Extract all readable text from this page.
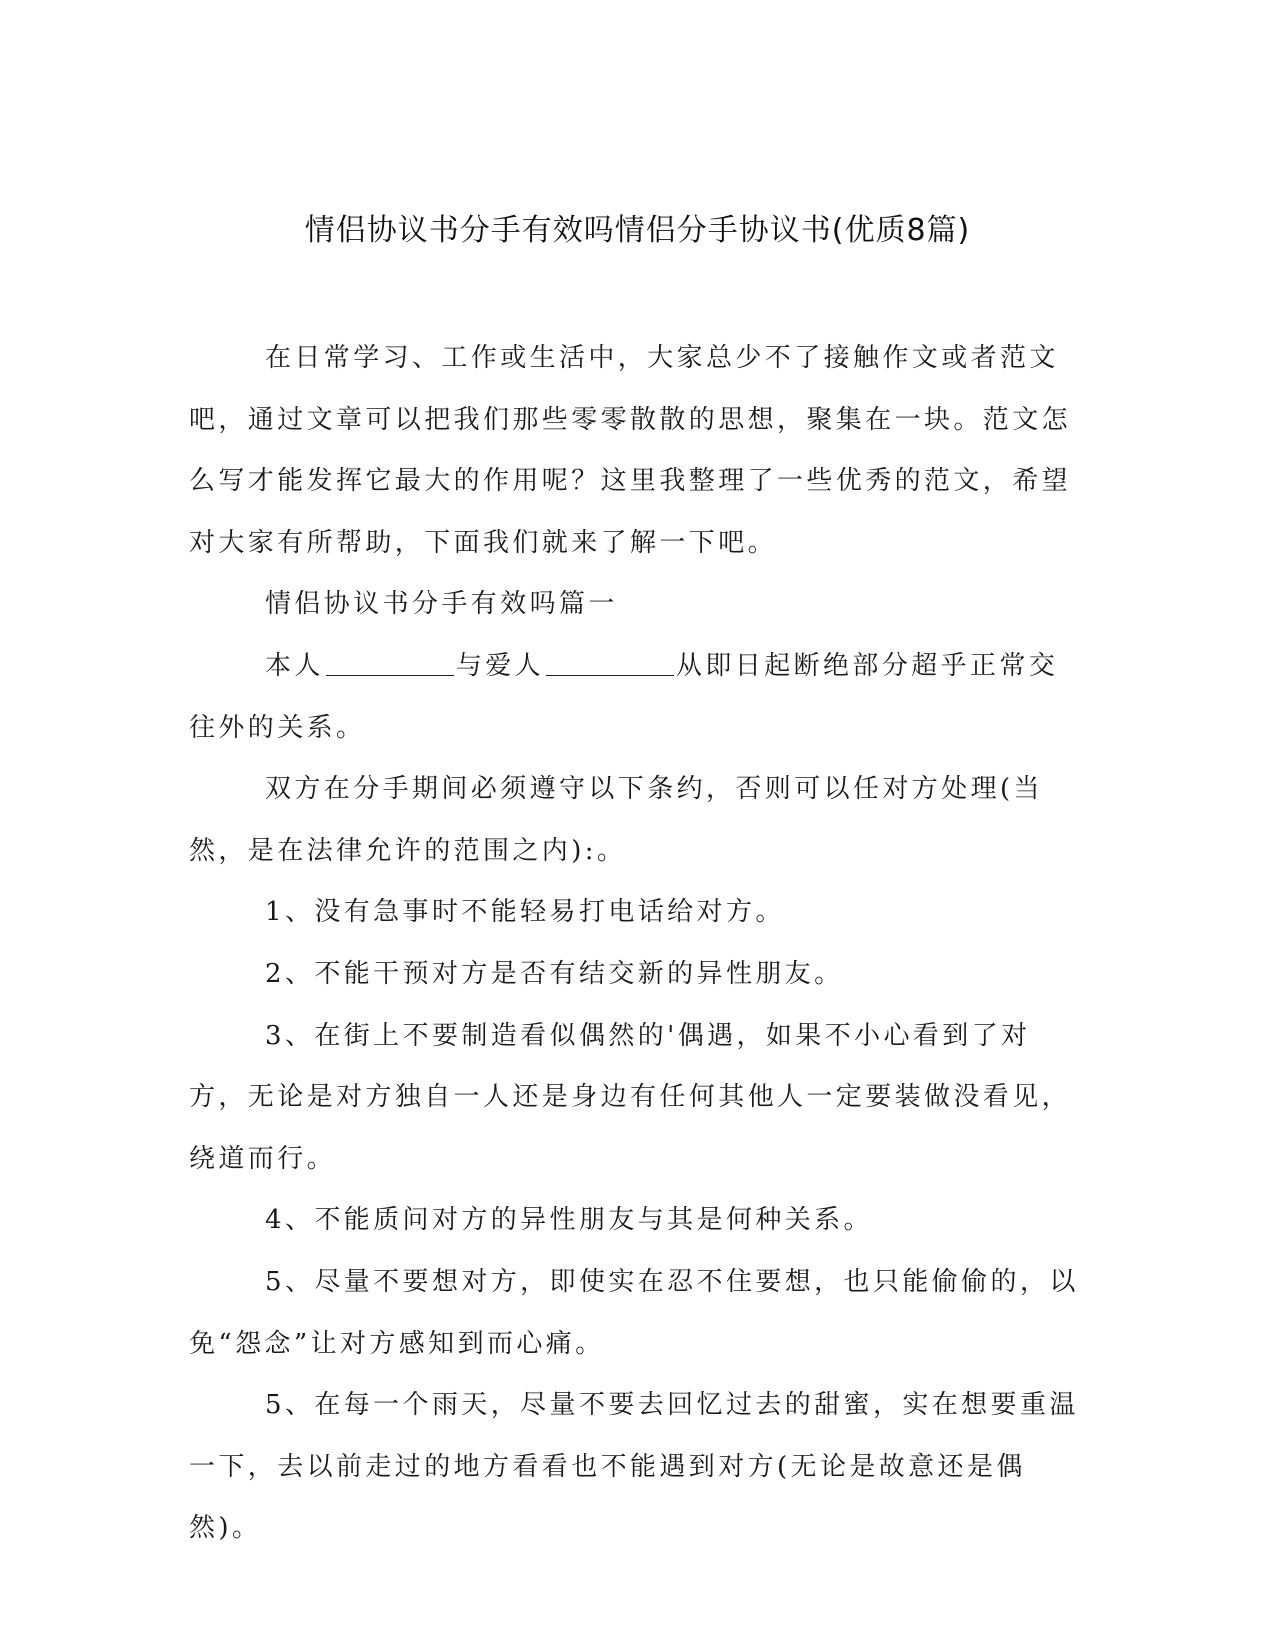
情侣协议书分手有效吗情侣分手协议书(优质8篇)

在日常学习、工作或生活中，大家总少不了接触作文或者范文吧，通过文章可以把我们那些零零散散的思想，聚集在一块。范文怎么写才能发挥它最大的作用呢？这里我整理了一些优秀的范文，希望对大家有所帮助，下面我们就来了解一下吧。

情侣协议书分手有效吗篇一

本人	与爱人	从即日起断绝部分超乎正常交往外的关系。

双方在分手期间必须遵守以下条约，否则可以任对方处理(当然，是在法律允许的范围之内):。

1、没有急事时不能轻易打电话给对方。

2、不能干预对方是否有结交新的异性朋友。

3、在街上不要制造看似偶然的'偶遇，如果不小心看到了对方，无论是对方独自一人还是身边有任何其他人一定要装做没看见，绕道而行。

4、不能质问对方的异性朋友与其是何种关系。

5、尽量不要想对方，即使实在忍不住要想，也只能偷偷的，以免“怨念”让对方感知到而心痛。

5、在每一个雨天，尽量不要去回忆过去的甜蜜，实在想要重温一下，去以前走过的地方看看也不能遇到对方(无论是故意还是偶然)。
